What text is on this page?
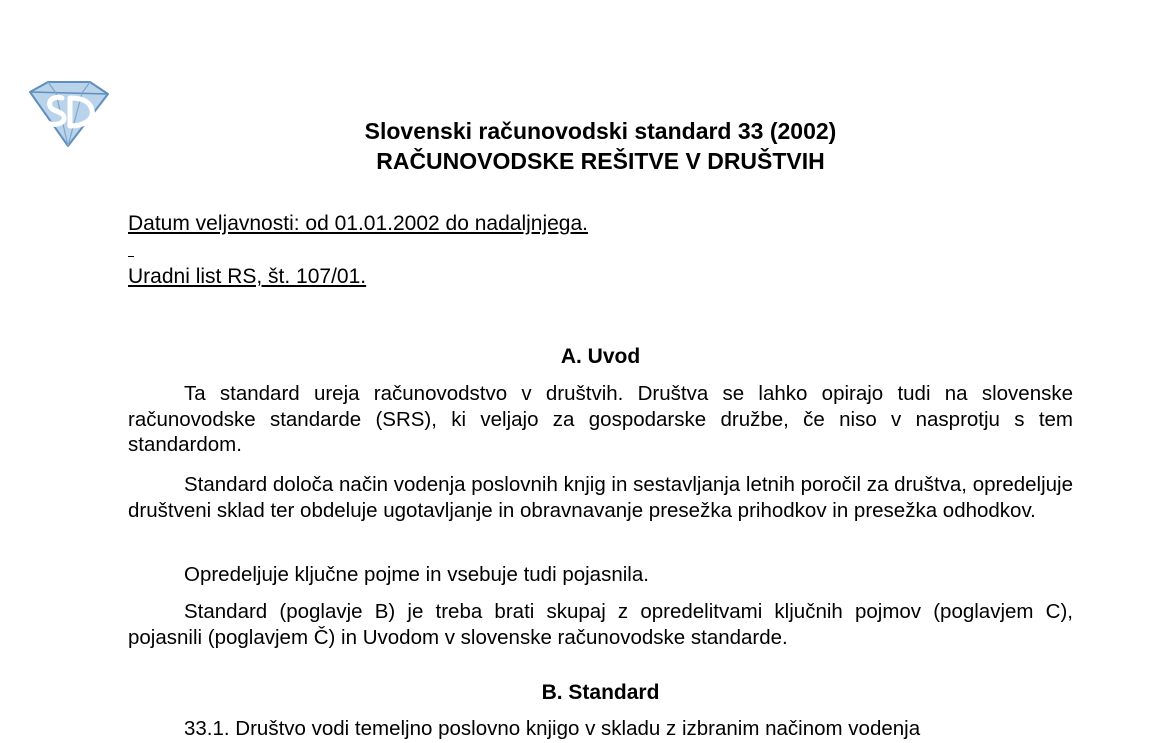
Slovenski računovodski standard 33 (2002)
RAČUNOVODSKE REŠITVE V DRUŠTVIH
Datum veljavnosti: od 01.01.2002 do nadaljnjega.
Uradni list RS, št. 107/01.
A. Uvod

Ta standard ureja računovodstvo v društvih. Društva se lahko opirajo tudi na slovenske računovodske standarde (SRS), ki veljajo za gospodarske družbe, če niso v nasprotju s tem standardom.

Standard določa način vodenja poslovnih knjig in sestavljanja letnih poročil za društva, opredeljuje društveni sklad ter obdeluje ugotavljanje in obravnavanje presežka prihodkov in presežka odhodkov.

Opredeljuje ključne pojme in vsebuje tudi pojasnila.

Standard (poglavje B) je treba brati skupaj z opredelitvami ključnih pojmov (poglavjem C), pojasnili (poglavjem Č) in Uvodom v slovenske računovodske standarde.

B. Standard

33.1. Društvo vodi temeljno poslovno knjigo v skladu z izbranim načinom vodenja
